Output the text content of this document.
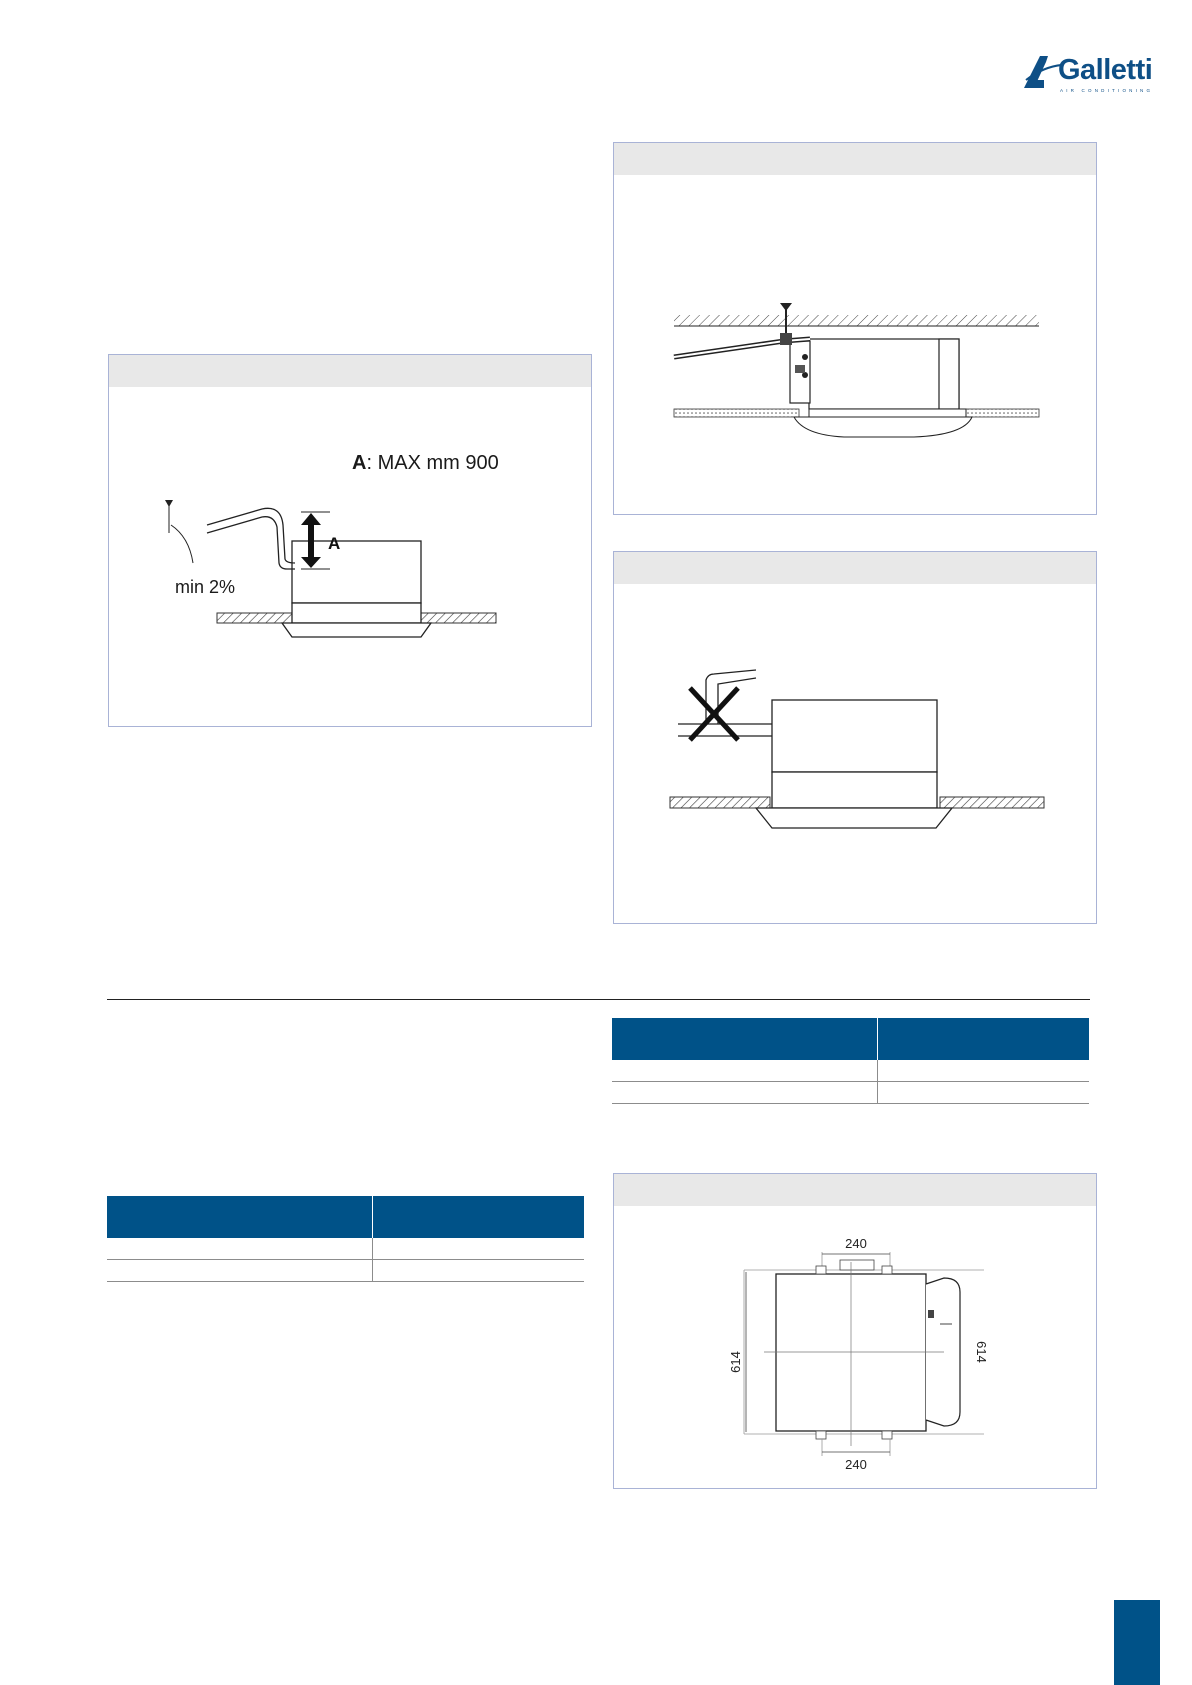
Galletti
AIR CONDITIONING
A: MAX mm 900
A
min 2%

240
614	614
240
